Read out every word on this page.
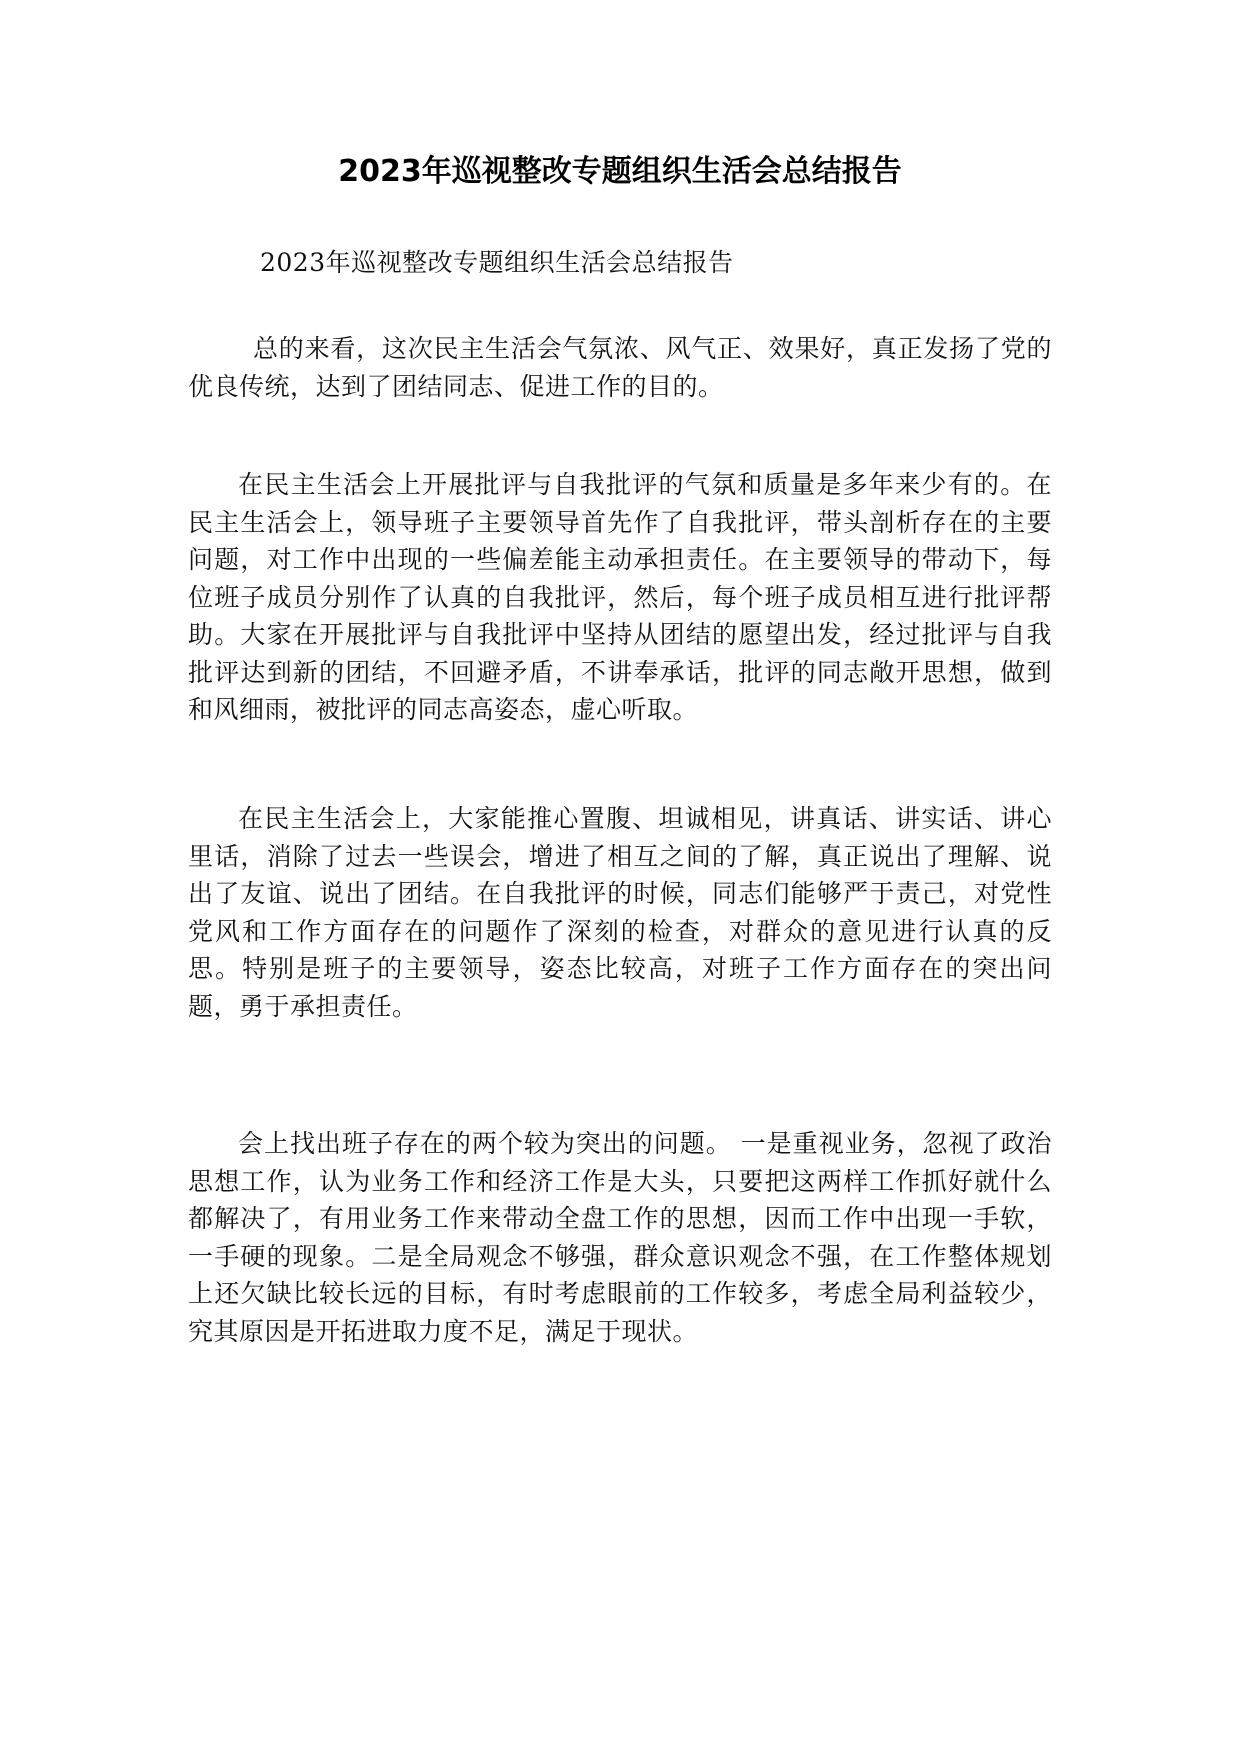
2023年巡视整改专题组织生活会总结报告

2023年巡视整改专题组织生活会总结报告

总的来看，这次民主生活会气氛浓、风气正、效果好，真正发扬了党的优良传统，达到了团结同志、促进工作的目的。

在民主生活会上开展批评与自我批评的气氛和质量是多年来少有的。在民主生活会上，领导班子主要领导首先作了自我批评，带头剖析存在的主要问题，对工作中出现的一些偏差能主动承担责任。在主要领导的带动下，每位班子成员分别作了认真的自我批评，然后，每个班子成员相互进行批评帮助。大家在开展批评与自我批评中坚持从团结的愿望出发，经过批评与自我批评达到新的团结，不回避矛盾，不讲奉承话，批评的同志敞开思想，做到和风细雨，被批评的同志高姿态，虚心听取。

在民主生活会上，大家能推心置腹、坦诚相见，讲真话、讲实话、讲心里话，消除了过去一些误会，增进了相互之间的了解，真正说出了理解、说出了友谊、说出了团结。在自我批评的时候，同志们能够严于责己，对党性党风和工作方面存在的问题作了深刻的检查，对群众的意见进行认真的反思。特别是班子的主要领导，姿态比较高，对班子工作方面存在的突出问题，勇于承担责任。

会上找出班子存在的两个较为突出的问题。 一是重视业务，忽视了政治思想工作，认为业务工作和经济工作是大头，只要把这两样工作抓好就什么都解决了，有用业务工作来带动全盘工作的思想，因而工作中出现一手软， 一手硬的现象。二是全局观念不够强，群众意识观念不强，在工作整体规划上还欠缺比较长远的目标，有时考虑眼前的工作较多，考虑全局利益较少，究其原因是开拓进取力度不足，满足于现状。
